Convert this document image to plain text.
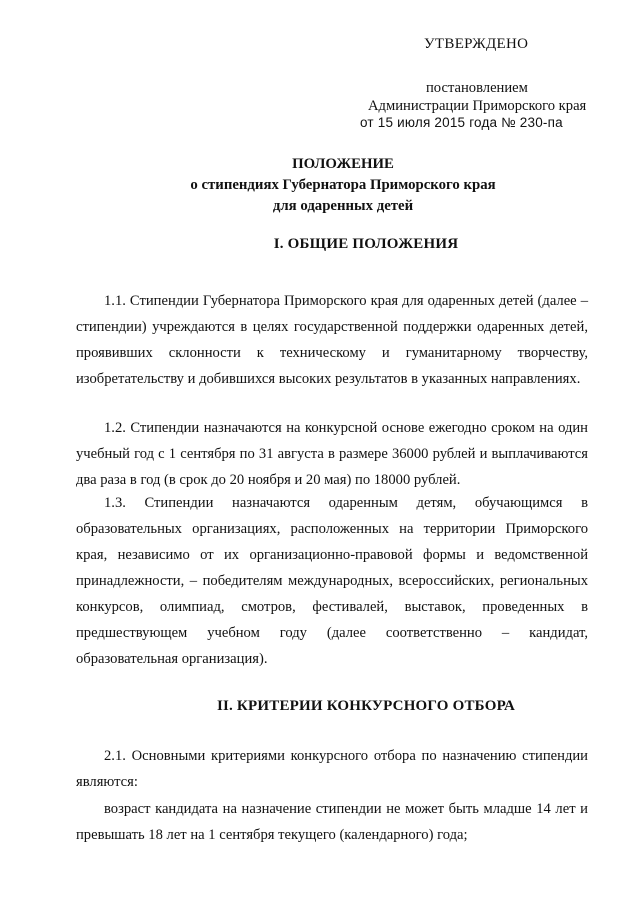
УТВЕРЖДЕНО
постановлением
Администрации Приморского края
от 15 июля 2015 года № 230-па
ПОЛОЖЕНИЕ
о стипендиях Губернатора Приморского края
для одаренных детей
I. ОБЩИЕ ПОЛОЖЕНИЯ
1.1. Стипендии Губернатора Приморского края для одаренных детей (далее – стипендии) учреждаются в целях государственной поддержки одаренных детей, проявивших склонности к техническому и гуманитарному творчеству, изобретательству и добившихся высоких результатов в указанных направлениях.
1.2. Стипендии назначаются на конкурсной основе ежегодно сроком на один учебный год с 1 сентября по 31 августа в размере 36000 рублей и выплачиваются два раза в год (в срок до 20 ноября и 20 мая) по 18000 рублей.
1.3. Стипендии назначаются одаренным детям, обучающимся в образовательных организациях, расположенных на территории Приморского края, независимо от их организационно-правовой формы и ведомственной принадлежности, – победителям международных, всероссийских, региональных конкурсов, олимпиад, смотров, фестивалей, выставок, проведенных в предшествующем учебном году (далее соответственно – кандидат, образовательная организация).
II. КРИТЕРИИ КОНКУРСНОГО ОТБОРА
2.1. Основными критериями конкурсного отбора по назначению стипендии являются:
возраст кандидата на назначение стипендии не может быть младше 14 лет и превышать 18 лет на 1 сентября текущего (календарного) года;
